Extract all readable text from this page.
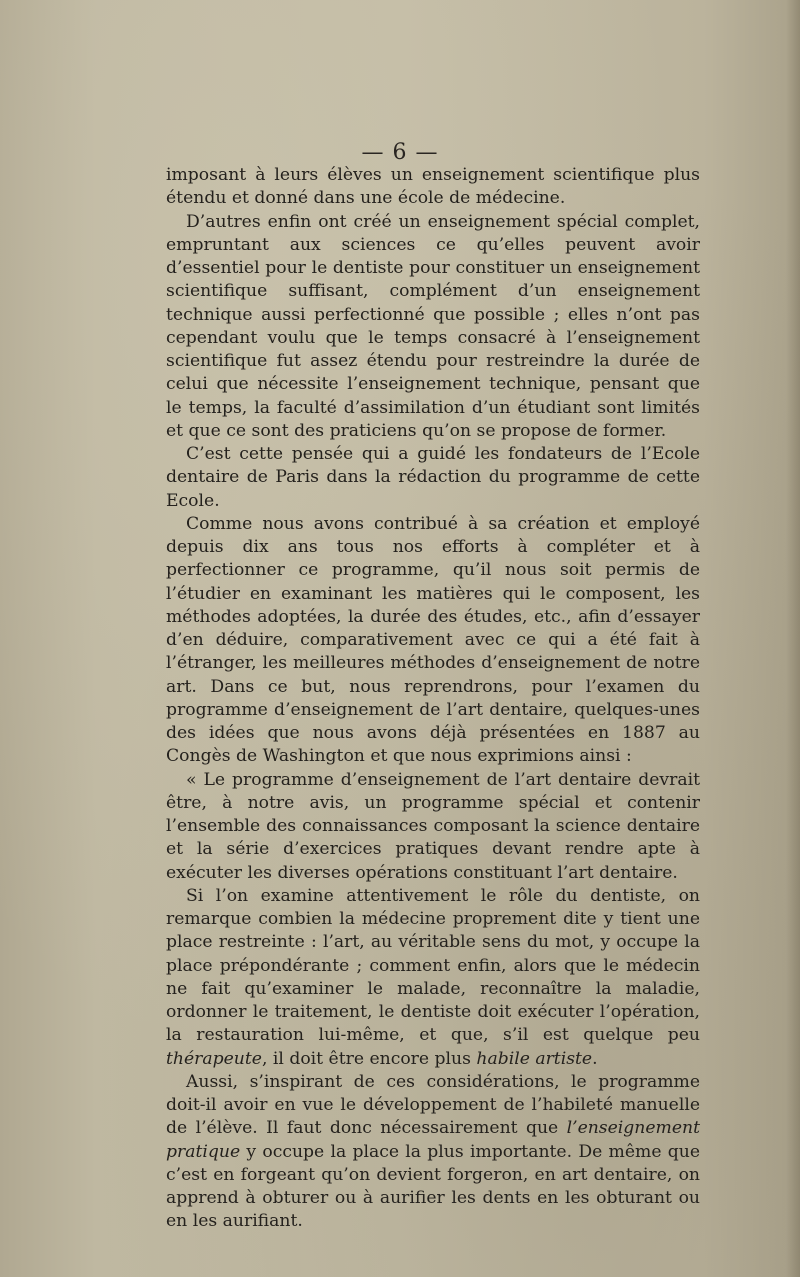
— 6 —

imposant à leurs élèves un enseignement scientifique plus étendu et donné dans une école de médecine.

D’autres enfin ont créé un enseignement spécial complet, empruntant aux sciences ce qu’elles peuvent avoir d’essentiel pour le dentiste pour constituer un enseignement scientifique suffisant, complément d’un enseignement technique aussi perfectionné que possible ; elles n’ont pas cependant voulu que le temps consacré à l’enseignement scientifique fut assez étendu pour restreindre la durée de celui que nécessite l’enseignement technique, pensant que le temps, la faculté d’assimilation d’un étudiant sont limités et que ce sont des praticiens qu’on se propose de former.

C’est cette pensée qui a guidé les fondateurs de l’Ecole dentaire de Paris dans la rédaction du programme de cette Ecole.

Comme nous avons contribué à sa création et employé depuis dix ans tous nos efforts à compléter et à perfectionner ce programme, qu’il nous soit permis de l’étudier en examinant les matières qui le composent, les méthodes adoptées, la durée des études, etc., afin d’essayer d’en déduire, comparativement avec ce qui a été fait à l’étranger, les meilleures méthodes d’enseignement de notre art. Dans ce but, nous reprendrons, pour l’examen du programme d’enseignement de l’art dentaire, quelques-unes des idées que nous avons déjà présentées en 1887 au Congès de Washington et que nous exprimions ainsi :

« Le programme d’enseignement de l’art dentaire devrait être, à notre avis, un programme spécial et contenir l’ensemble des connaissances composant la science dentaire et la série d’exercices pratiques devant rendre apte à exécuter les diverses opérations constituant l’art dentaire.

Si l’on examine attentivement le rôle du dentiste, on remarque combien la médecine proprement dite y tient une place restreinte : l’art, au véritable sens du mot, y occupe la place prépondérante ; comment enfin, alors que le médecin ne fait qu’examiner le malade, reconnaître la maladie, ordonner le traitement, le dentiste doit exécuter l’opération, la restauration lui-même, et que, s’il est quelque peu thérapeute, il doit être encore plus habile artiste.

Aussi, s’inspirant de ces considérations, le programme doit-il avoir en vue le développement de l’habileté manuelle de l’élève. Il faut donc nécessairement que l’enseignement pratique y occupe la place la plus importante. De même que c’est en forgeant qu’on devient forgeron, en art dentaire, on apprend à obturer ou à aurifier les dents en les obturant ou en les aurifiant.
